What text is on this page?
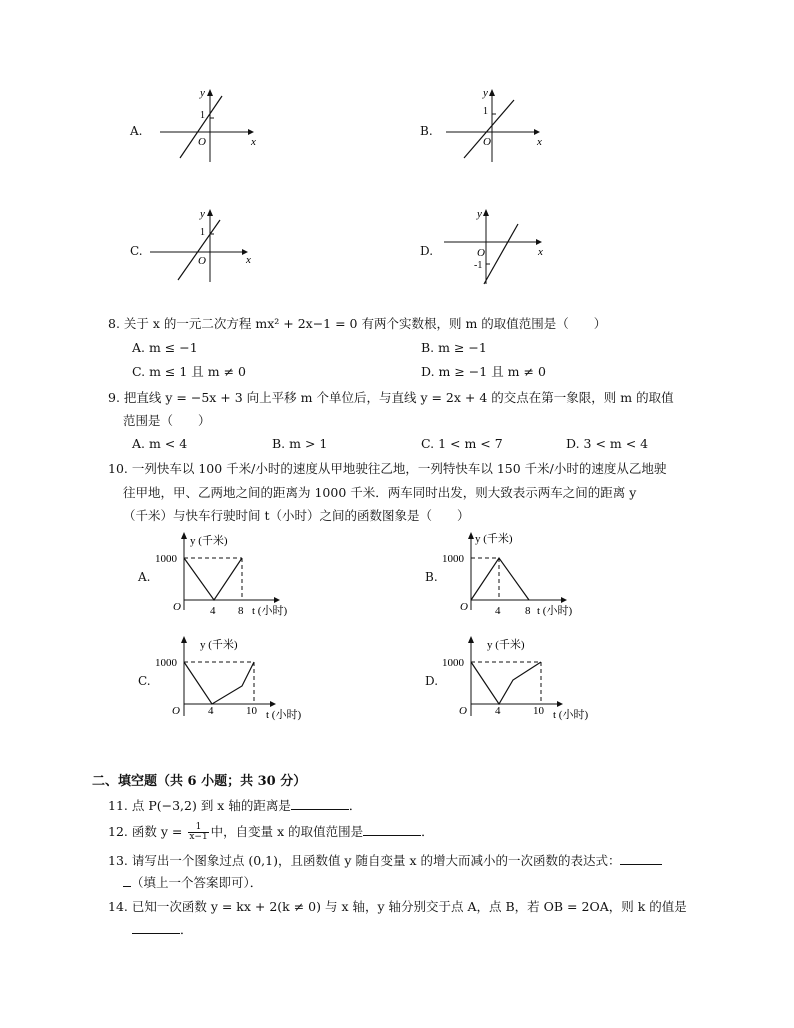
A.
x
y
O
1
B.
x
y
O
1
C.
x
y
O
1
D.	x
y
O
-1
8. 关于 x 的一元二次方程 mx² + 2x−1 = 0 有两个实数根，则 m 的取值范围是（　　）
A. m ≤ −1	B. m ≥ −1
C. m ≤ 1 且 m ≠ 0	D. m ≥ −1 且 m ≠ 0
9. 把直线 y = −5x + 3 向上平移 m 个单位后，与直线 y = 2x + 4 的交点在第一象限，则 m 的取值
范围是（　　）
A. m < 4	B. m > 1	C. 1 < m < 7	D. 3 < m < 4
10. 一列快车以 100 千米/小时的速度从甲地驶往乙地，一列特快车以 150 千米/小时的速度从乙地驶
往甲地，甲、乙两地之间的距离为 1000 千米．两车同时出发，则大致表示两车之间的距离 y
（千米）与快车行驶时间 t（小时）之间的函数图象是（　　）
A.
y (千米)
1000
O	4 8 t (小时)
B.
y (千米)
1000
O 4 8 t (小时)
C.
y (千米)
1000
O	4	10 t (小时)
D.
y (千米)
1000
O	4	10 t (小时)
二、填空题（共 6 小题；共 30 分）
11. 点 P(−3,2) 到 x 轴的距离是	．
12. 函数 $y = \frac{1}{x-1}$ 中，自变量 x 的取值范围是	．
13. 请写出一个图象过点 (0,1)，且函数值 y 随自变量 x 的增大而减小的一次函数的表达式：
（填上一个答案即可）．
14. 已知一次函数 y = kx + 2(k ≠ 0) 与 x 轴，y 轴分别交于点 A，点 B，若 OB = 2OA，则 k 的值是
．
